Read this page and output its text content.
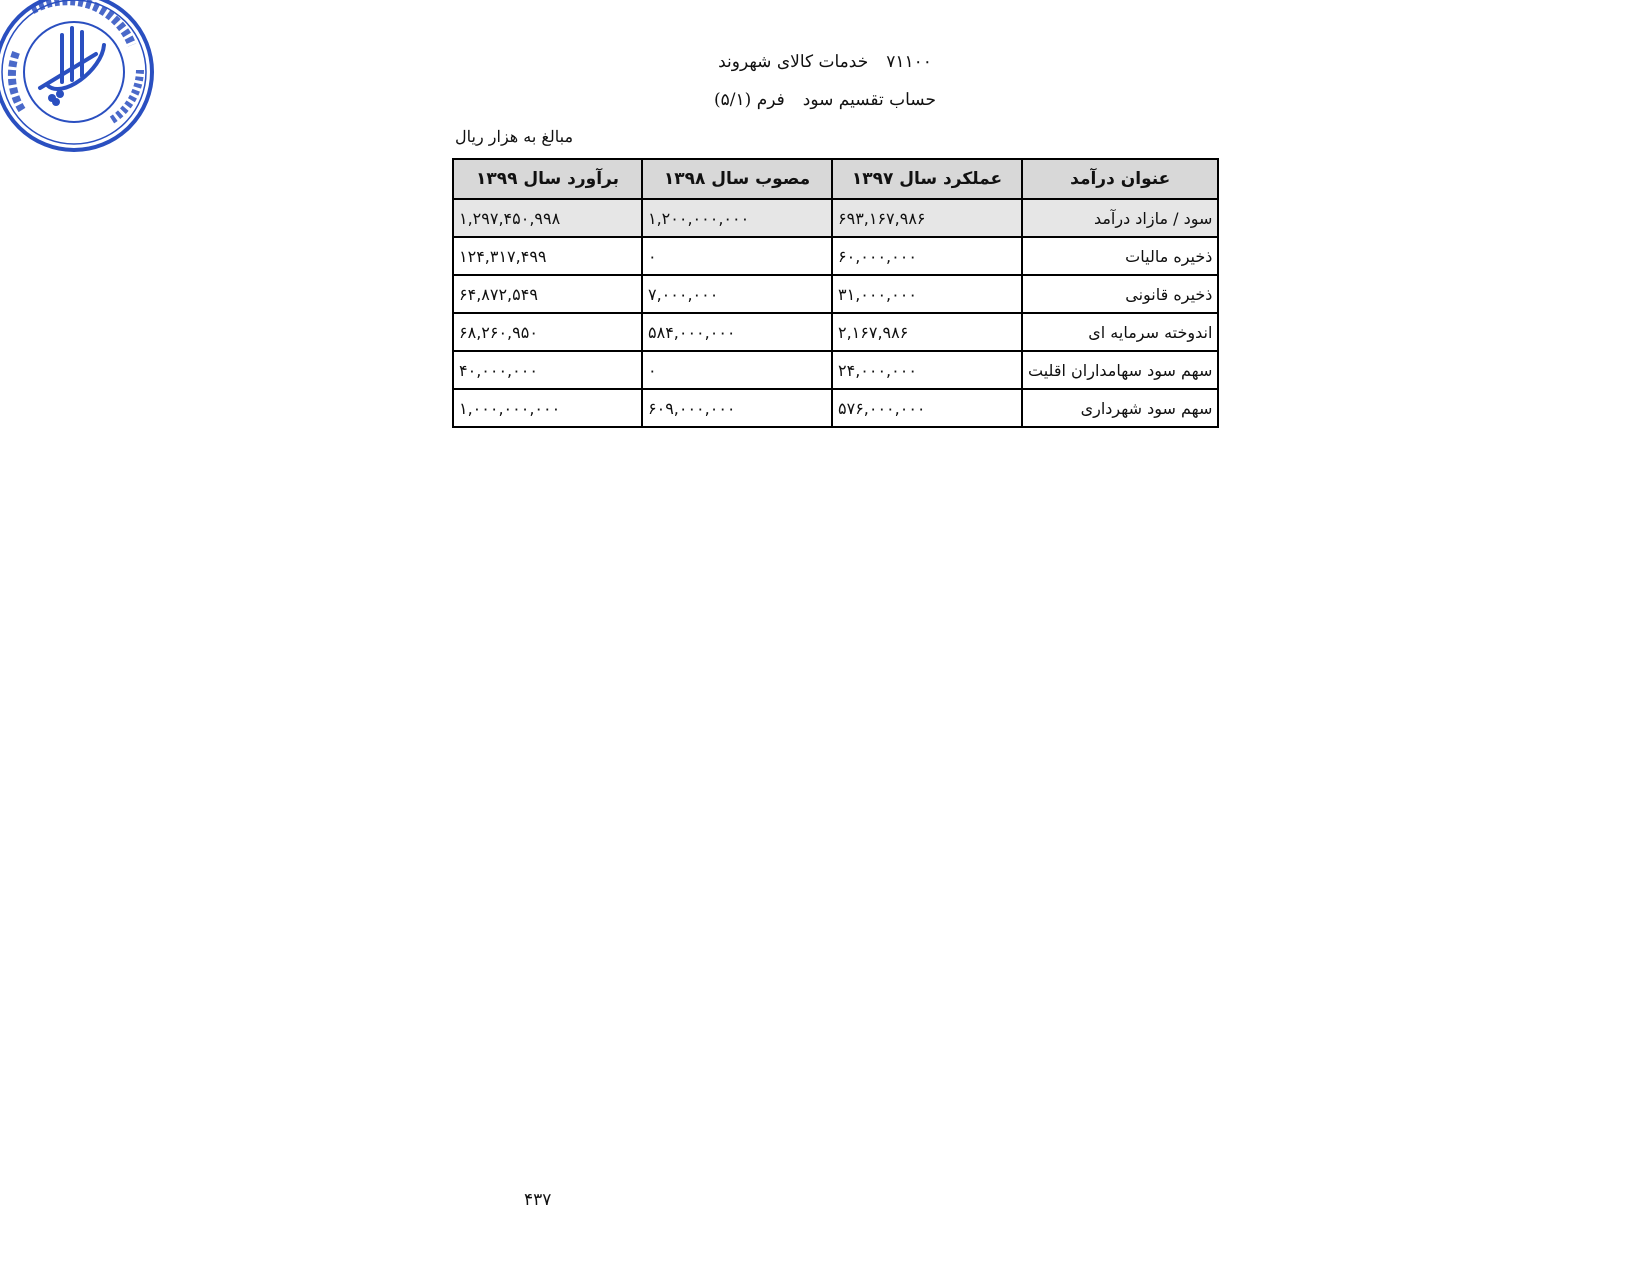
۷۱۱۰۰خدمات کالای شهروند
حساب تقسیم سودفرم (۵/۱)
مبالغ به هزار ریال
عنوان درآمد	عملکرد سال ۱۳۹۷	مصوب سال ۱۳۹۸	برآورد سال ۱۳۹۹
سود / مازاد درآمد	۶۹۳,۱۶۷,۹۸۶	۱,۲۰۰,۰۰۰,۰۰۰	۱,۲۹۷,۴۵۰,۹۹۸
ذخیره مالیات	۶۰,۰۰۰,۰۰۰	۰	۱۲۴,۳۱۷,۴۹۹
ذخیره قانونی	۳۱,۰۰۰,۰۰۰	۷,۰۰۰,۰۰۰	۶۴,۸۷۲,۵۴۹
اندوخته سرمایه ای	۲,۱۶۷,۹۸۶	۵۸۴,۰۰۰,۰۰۰	۶۸,۲۶۰,۹۵۰
سهم سود سهامداران اقلیت	۲۴,۰۰۰,۰۰۰	۰	۴۰,۰۰۰,۰۰۰
سهم سود شهرداری	۵۷۶,۰۰۰,۰۰۰	۶۰۹,۰۰۰,۰۰۰	۱,۰۰۰,۰۰۰,۰۰۰
۴۳۷
